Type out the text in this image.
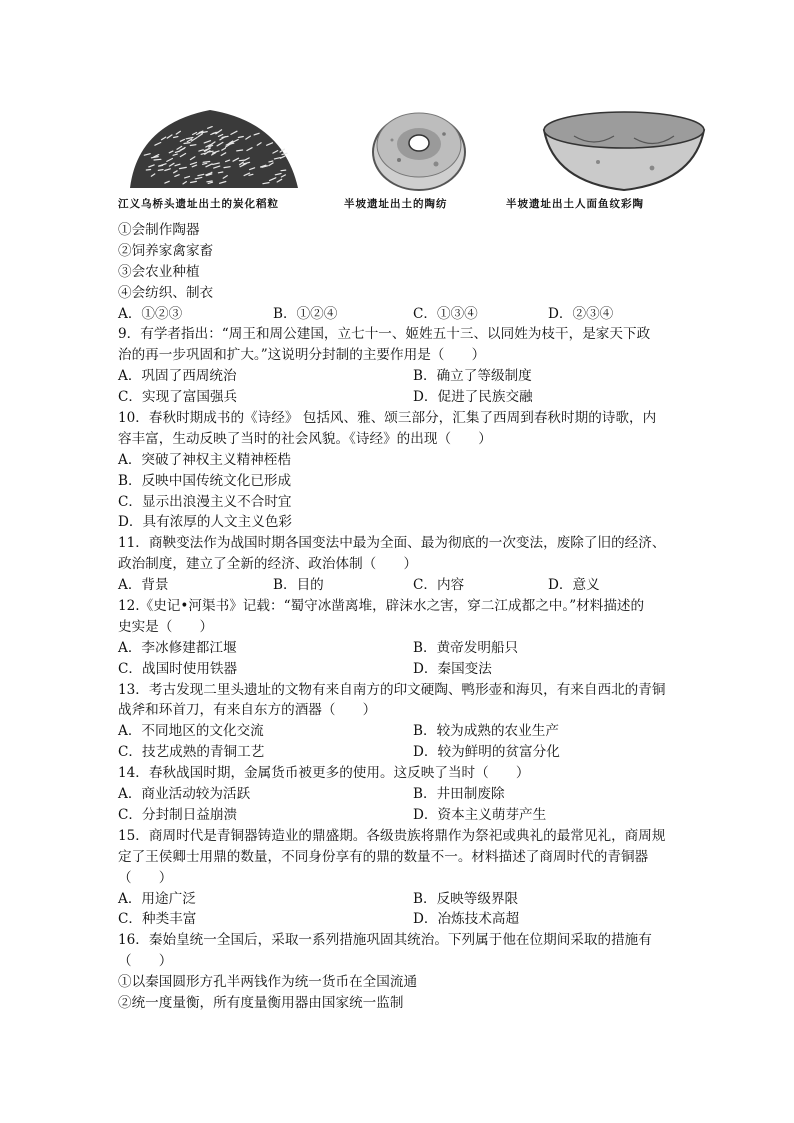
江义乌桥头遗址出土的炭化稻粒	半坡遗址出土的陶纺	半坡遗址出土人面鱼纹彩陶
①会制作陶器
②饲养家禽家畜
③会农业种植
④会纺织、制衣
A．①②③	B．①②④	C．①③④	D．②③④
9．有学者指出：“周王和周公建国，立七十一、姬姓五十三、以同姓为枝干，是家天下政
治的再一步巩固和扩大。”这说明分封制的主要作用是（　　）
A．巩固了西周统治	B．确立了等级制度
C．实现了富国强兵	D．促进了民族交融
10．春秋时期成书的《诗经》 包括风、雅、颂三部分，汇集了西周到春秋时期的诗歌，内
容丰富，生动反映了当时的社会风貌。《诗经》的出现（　　）
A．突破了神权主义精神桎梏
B．反映中国传统文化已形成
C．显示出浪漫主义不合时宜
D．具有浓厚的人文主义色彩
11．商鞅变法作为战国时期各国变法中最为全面、最为彻底的一次变法，废除了旧的经济、
政治制度，建立了全新的经济、政治体制（　　）
A．背景	B．目的	C．内容	D．意义
12.《史记•河渠书》记载：“蜀守冰凿离堆，辟沫水之害，穿二江成都之中。”材料描述的
史实是（　　）
A．李冰修建都江堰	B．黄帝发明船只
C．战国时使用铁器	D．秦国变法
13．考古发现二里头遗址的文物有来自南方的印文硬陶、鸭形壶和海贝，有来自西北的青铜
战斧和环首刀，有来自东方的酒器（　　）
A．不同地区的文化交流	B．较为成熟的农业生产
C．技艺成熟的青铜工艺	D．较为鲜明的贫富分化
14．春秋战国时期，金属货币被更多的使用。这反映了当时（　　）
A．商业活动较为活跃	B．井田制废除
C．分封制日益崩溃	D．资本主义萌芽产生
15．商周时代是青铜器铸造业的鼎盛期。各级贵族将鼎作为祭祀或典礼的最常见礼，商周规
定了王侯卿士用鼎的数量，不同身份享有的鼎的数量不一。材料描述了商周时代的青铜器
（　　）
A．用途广泛	B．反映等级界限
C．种类丰富	D．冶炼技术高超
16．秦始皇统一全国后，采取一系列措施巩固其统治。下列属于他在位期间采取的措施有
（　　）
①以秦国圆形方孔半两钱作为统一货币在全国流通
②统一度量衡，所有度量衡用器由国家统一监制
